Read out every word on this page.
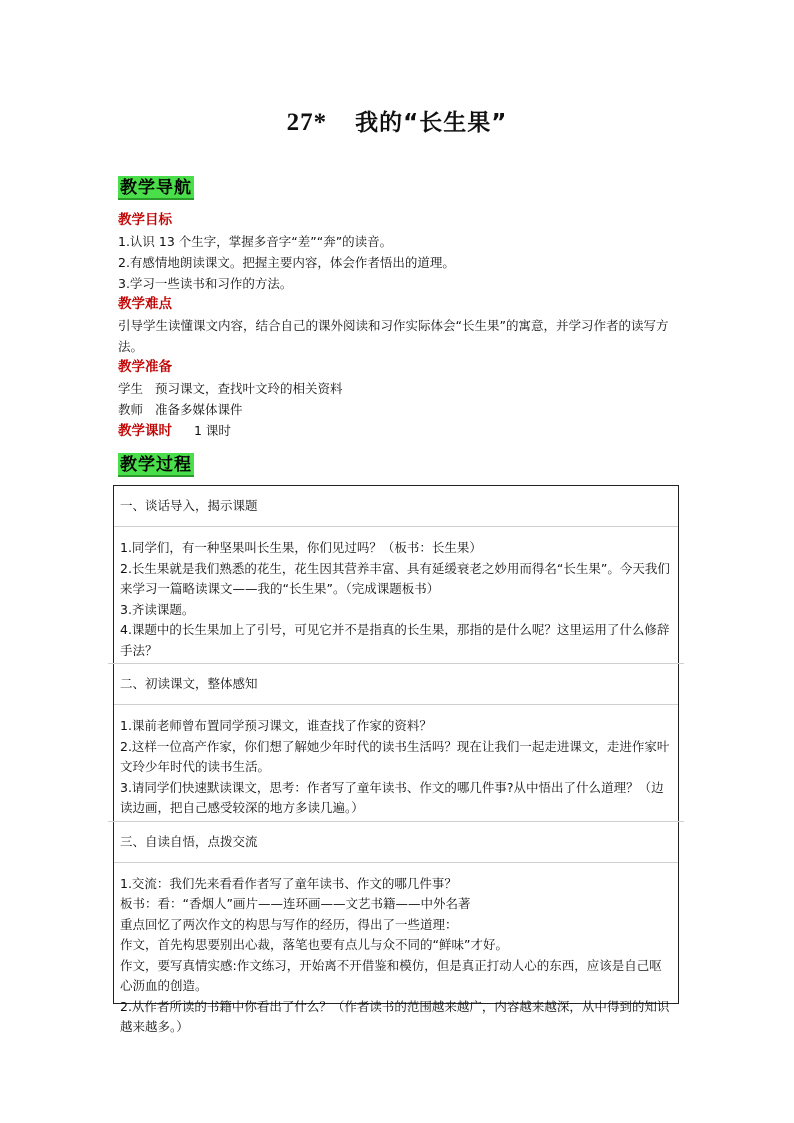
27* 我的“长生果”
教学导航
教学目标
1.认识 13 个生字，掌握多音字“差”“奔”的读音。
2.有感情地朗读课文。把握主要内容，体会作者悟出的道理。
3.学习一些读书和习作的方法。
教学难点
引导学生读懂课文内容，结合自己的课外阅读和习作实际体会“长生果”的寓意，并学习作者的读写方法。
教学准备
学生 预习课文，查找叶文玲的相关资料
教师 准备多媒体课件
教学课时 1 课时
教学过程
一、谈话导入，揭示课题
1.同学们，有一种坚果叫长生果，你们见过吗？（板书：长生果）
2.长生果就是我们熟悉的花生，花生因其营养丰富、具有延缓衰老之妙用而得名“长生果”。今天我们来学习一篇略读课文——我的“长生果”。（完成课题板书）
3.齐读课题。
4.课题中的长生果加上了引号，可见它并不是指真的长生果，那指的是什么呢？这里运用了什么修辞手法？
二、初读课文，整体感知
1.课前老师曾布置同学预习课文，谁查找了作家的资料？
2.这样一位高产作家，你们想了解她少年时代的读书生活吗？现在让我们一起走进课文，走进作家叶文玲少年时代的读书生活。
3.请同学们快速默读课文，思考：作者写了童年读书、作文的哪几件事?从中悟出了什么道理？（边读边画，把自己感受较深的地方多读几遍。）
三、自读自悟，点拨交流
1.交流：我们先来看看作者写了童年读书、作文的哪几件事？
板书：看：“香烟人”画片——连环画——文艺书籍——中外名著
重点回忆了两次作文的构思与写作的经历，得出了一些道理：
作文，首先构思要别出心裁，落笔也要有点儿与众不同的“鲜味”才好。
作文，要写真情实感:作文练习，开始离不开借鉴和模仿，但是真正打动人心的东西，应该是自己呕心沥血的创造。
2.从作者所读的书籍中你看出了什么？（作者读书的范围越来越广，内容越来越深，从中得到的知识越来越多。）
